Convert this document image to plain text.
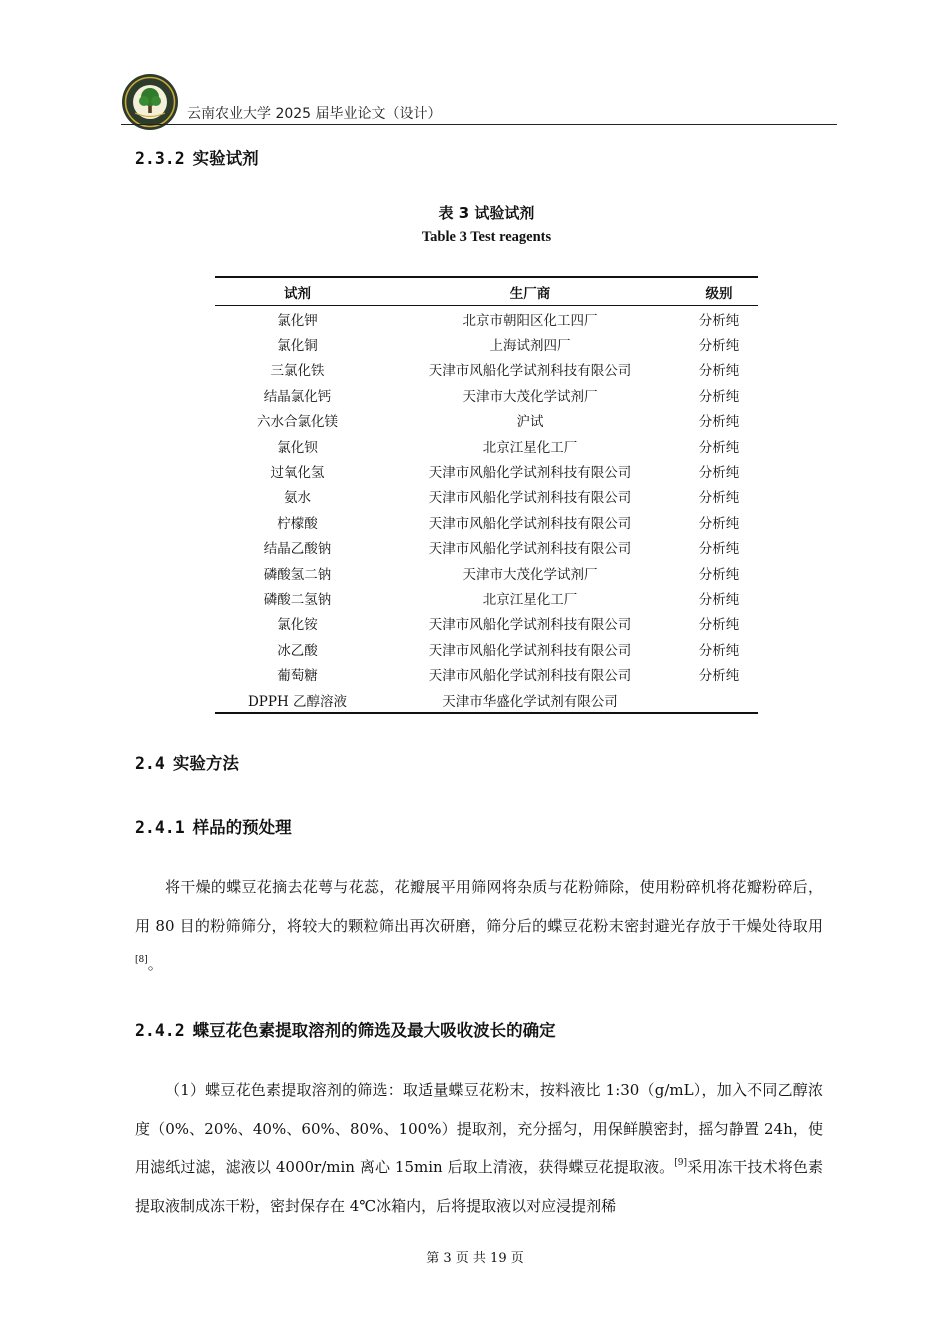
云南农业大学 2025 届毕业论文（设计）
2.3.2 实验试剂
表 3 试验试剂
Table 3 Test reagents
试剂	生厂商	级别
氯化钾	北京市朝阳区化工四厂	分析纯
氯化铜	上海试剂四厂	分析纯
三氯化铁	天津市风船化学试剂科技有限公司	分析纯
结晶氯化钙	天津市大茂化学试剂厂	分析纯
六水合氯化镁	沪试	分析纯
氯化钡	北京江星化工厂	分析纯
过氧化氢	天津市风船化学试剂科技有限公司	分析纯
氨水	天津市风船化学试剂科技有限公司	分析纯
柠檬酸	天津市风船化学试剂科技有限公司	分析纯
结晶乙酸钠	天津市风船化学试剂科技有限公司	分析纯
磷酸氢二钠	天津市大茂化学试剂厂	分析纯
磷酸二氢钠	北京江星化工厂	分析纯
氯化铵	天津市风船化学试剂科技有限公司	分析纯
冰乙酸	天津市风船化学试剂科技有限公司	分析纯
葡萄糖	天津市风船化学试剂科技有限公司	分析纯
DPPH 乙醇溶液	天津市华盛化学试剂有限公司	
2.4 实验方法
2.4.1 样品的预处理

将干燥的蝶豆花摘去花萼与花蕊，花瓣展平用筛网将杂质与花粉筛除，使用粉碎机将花瓣粉碎后，用 80 目的粉筛筛分，将较大的颗粒筛出再次研磨，筛分后的蝶豆花粉末密封避光存放于干燥处待取用[8]。

2.4.2 蝶豆花色素提取溶剂的筛选及最大吸收波长的确定

（1）蝶豆花色素提取溶剂的筛选：取适量蝶豆花粉末，按料液比 1:30（g/mL），加入不同乙醇浓度（0%、20%、40%、60%、80%、100%）提取剂，充分摇匀，用保鲜膜密封，摇匀静置 24h，使用滤纸过滤，滤液以 4000r/min 离心 15min 后取上清液，获得蝶豆花提取液。[9]采用冻干技术将色素提取液制成冻干粉，密封保存在 4℃冰箱内，后将提取液以对应浸提剂稀

第 3 页 共 19 页
